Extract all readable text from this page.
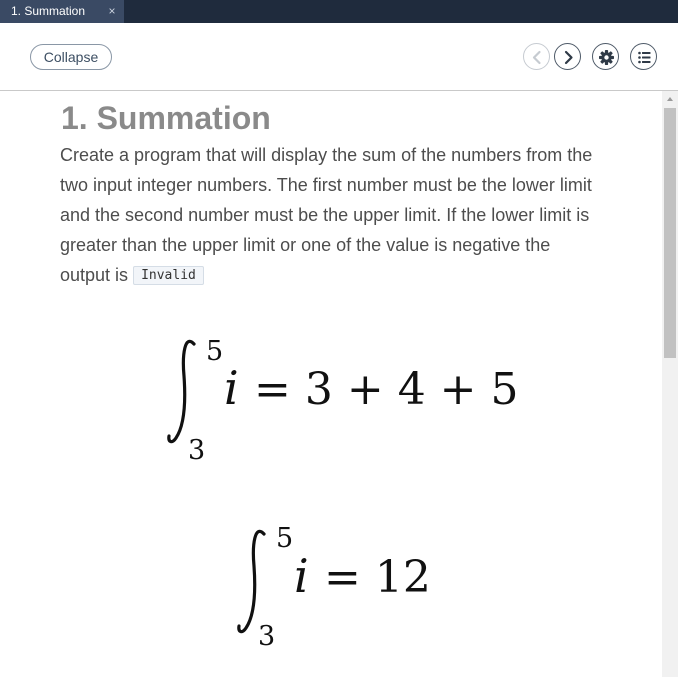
1. Summation	×
Collapse
1. Summation
Create a program that will display the sum of the numbers from the two input integer numbers. The first number must be the lower limit and the second number must be the upper limit. If the lower limit is greater than the upper limit or one of the value is negative the output is Invalid
5
3
i = 3 + 4 + 5
5
3
i = 12
